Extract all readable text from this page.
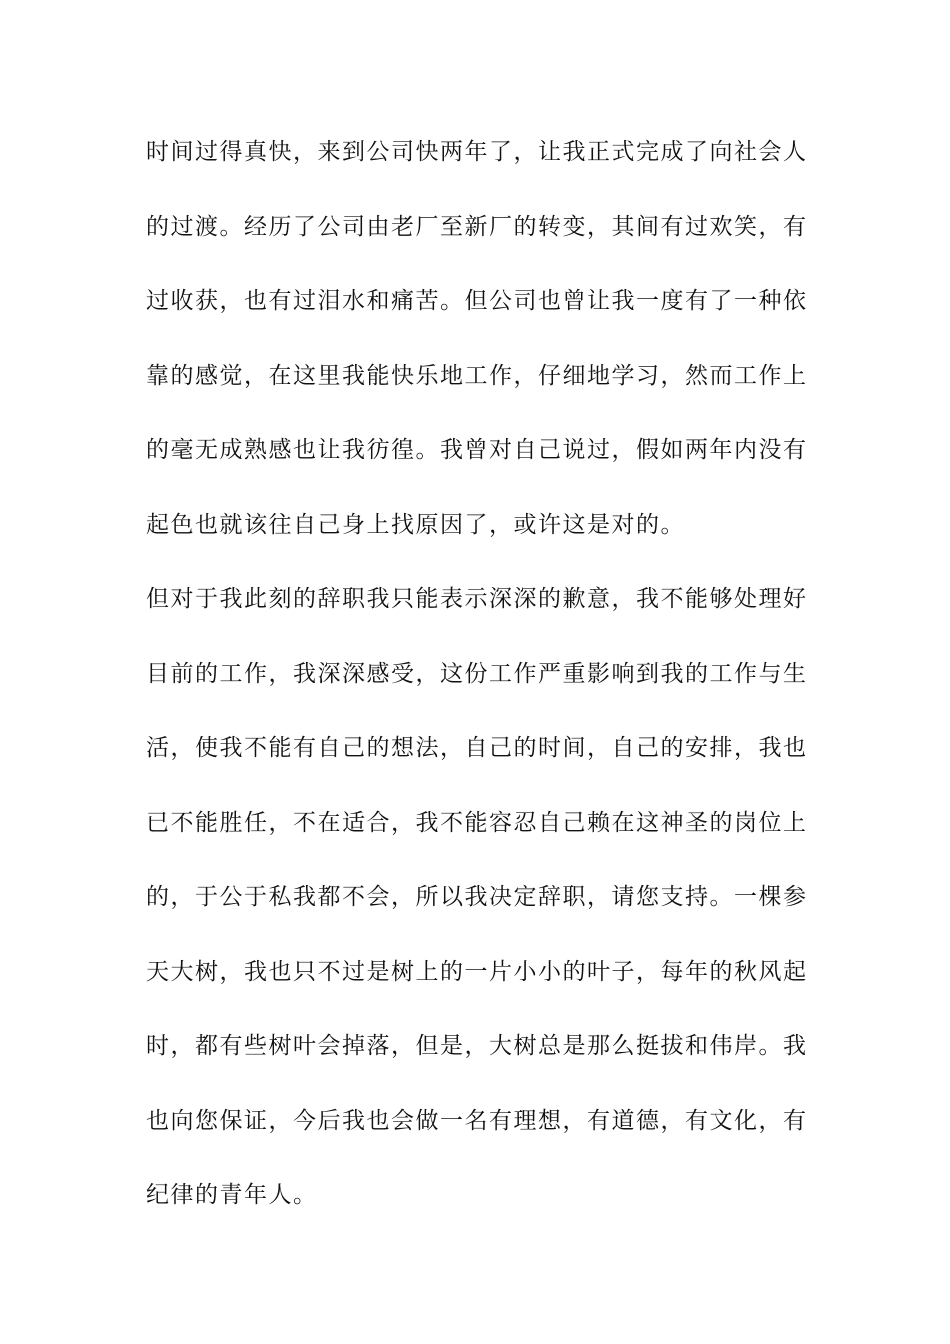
时间过得真快，来到公司快两年了，让我正式完成了向社会人
的过渡。经历了公司由老厂至新厂的转变，其间有过欢笑，有
过收获，也有过泪水和痛苦。但公司也曾让我一度有了一种依
靠的感觉，在这里我能快乐地工作，仔细地学习，然而工作上
的毫无成熟感也让我彷徨。我曾对自己说过，假如两年内没有
起色也就该往自己身上找原因了，或许这是对的。
但对于我此刻的辞职我只能表示深深的歉意，我不能够处理好
目前的工作，我深深感受，这份工作严重影响到我的工作与生
活，使我不能有自己的想法，自己的时间，自己的安排，我也
已不能胜任，不在适合，我不能容忍自己赖在这神圣的岗位上
的，于公于私我都不会，所以我决定辞职，请您支持。一棵参
天大树，我也只不过是树上的一片小小的叶子，每年的秋风起
时，都有些树叶会掉落，但是，大树总是那么挺拔和伟岸。我
也向您保证，今后我也会做一名有理想，有道德，有文化，有
纪律的青年人。
